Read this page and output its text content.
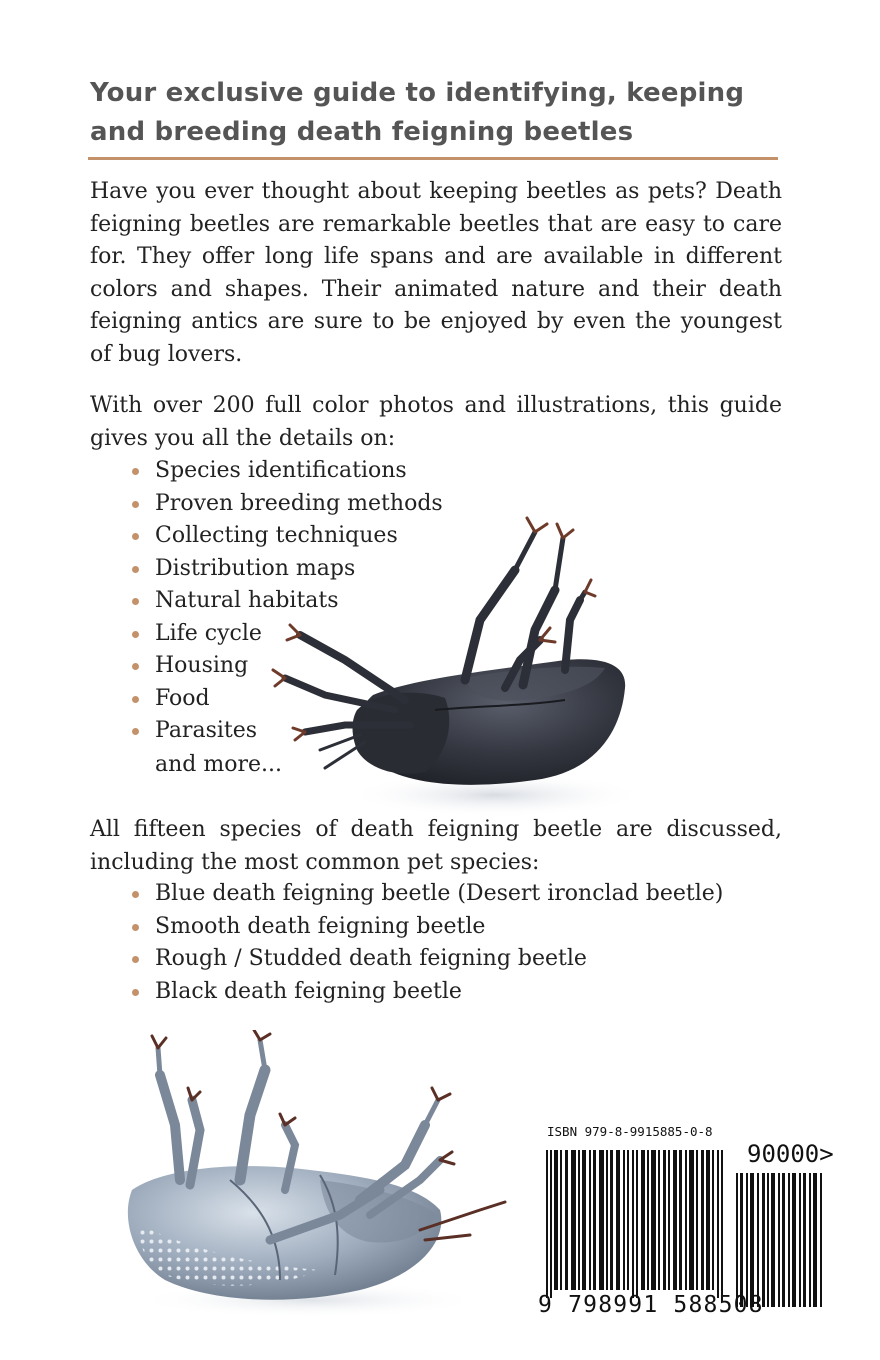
Your exclusive guide to identifying, keeping and breeding death feigning beetles

Have you ever thought about keeping beetles as pets? Death feigning beetles are remarkable beetles that are easy to care for. They offer long life spans and are available in different colors and shapes. Their animated nature and their death feigning antics are sure to be enjoyed by even the youngest of bug lovers.

With over 200 full color photos and illustrations, this guide gives you all the details on:

Species identifications
Proven breeding methods
Collecting techniques
Distribution maps
Natural habitats
Life cycle
Housing
Food
Parasites

and more...

All fifteen species of death feigning beetle are discussed, including the most common pet species:

Blue death feigning beetle (Desert ironclad beetle)
Smooth death feigning beetle
Rough / Studded death feigning beetle
Black death feigning beetle

ISBN 979-8-9915885-0-8

90000>

9 798991 588508
